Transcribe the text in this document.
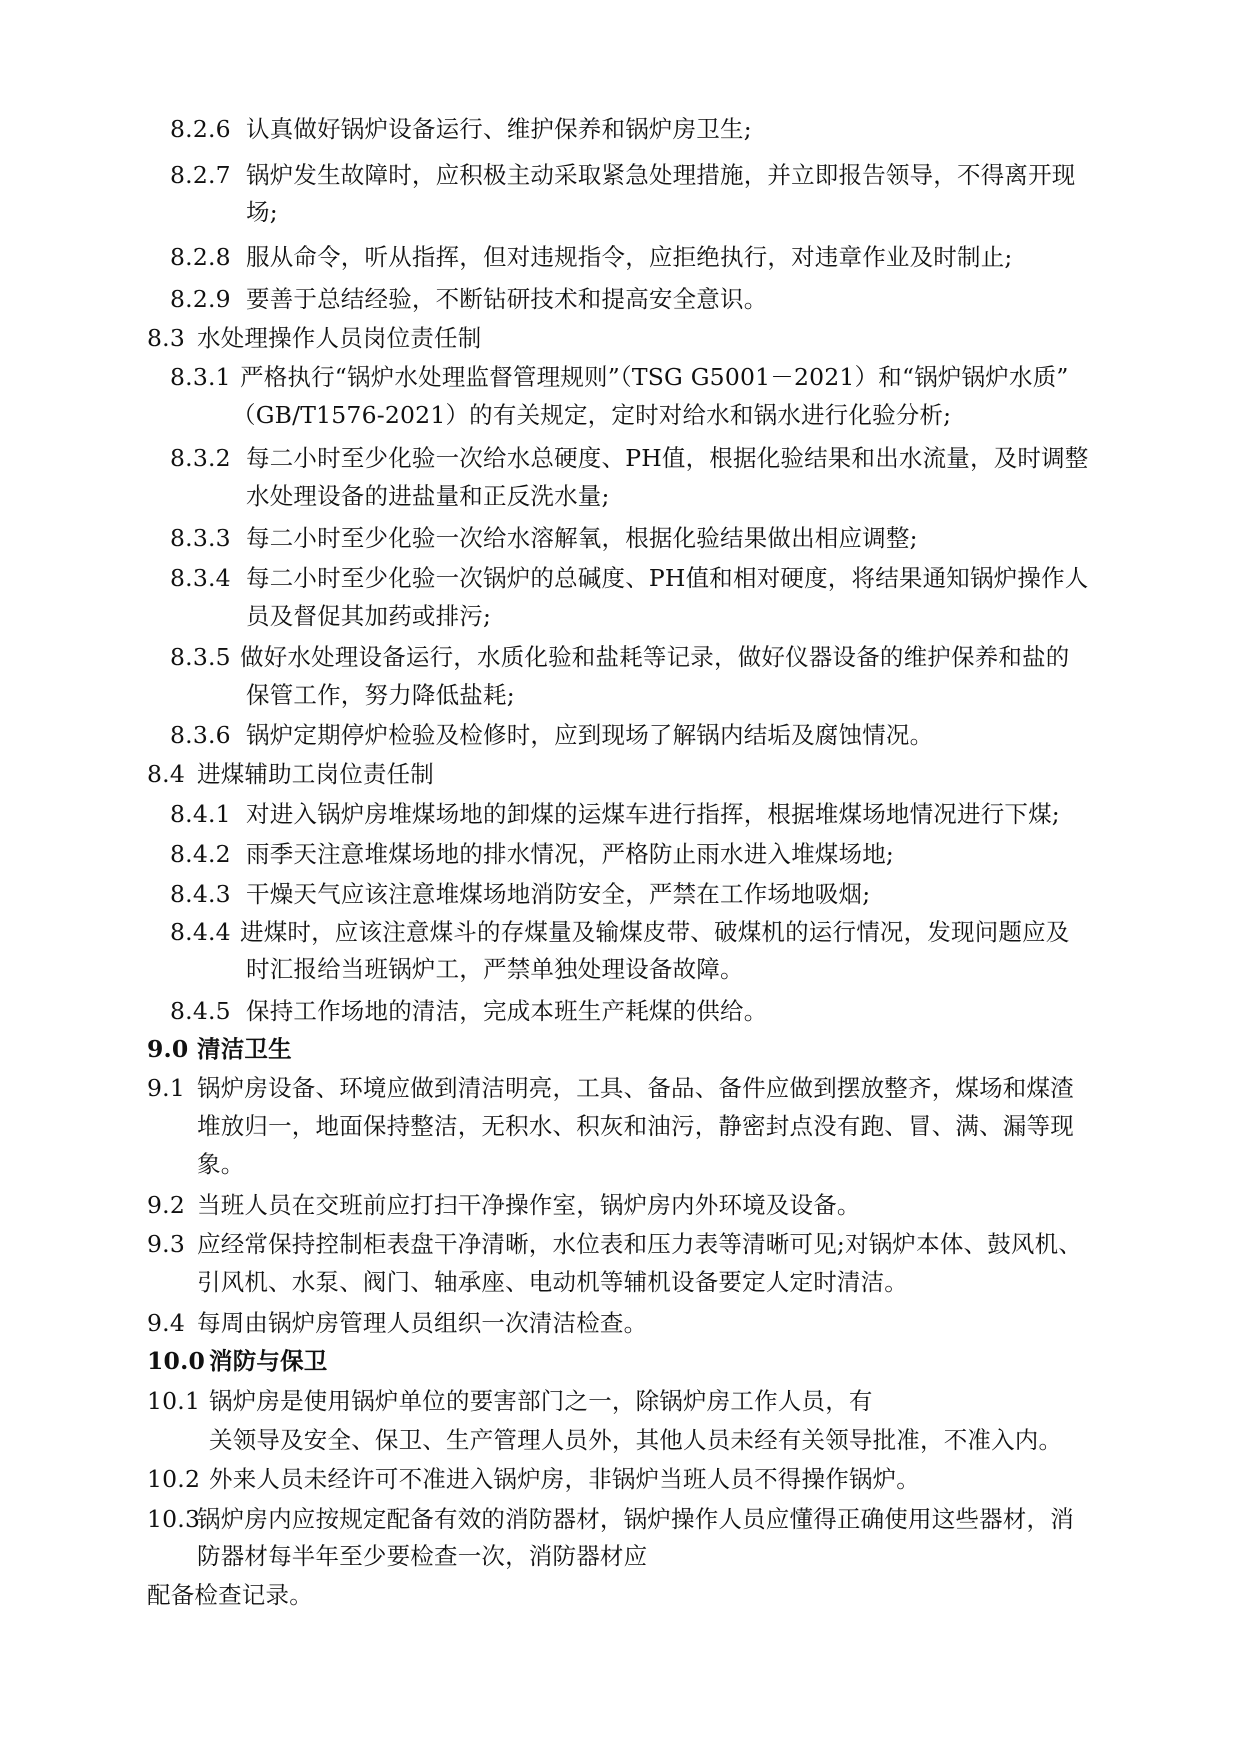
8.2.6 认真做好锅炉设备运行、维护保养和锅炉房卫生;
8.2.7 锅炉发生故障时，应积极主动采取紧急处理措施，并立即报告领导，不得离开现
场;
8.2.8 服从命令，听从指挥，但对违规指令，应拒绝执行，对违章作业及时制止;
8.2.9 要善于总结经验，不断钻研技术和提高安全意识。
8.3 水处理操作人员岗位责任制
8.3.1 严格执行“锅炉水处理监督管理规则”（TSG G5001－2021）和“锅炉锅炉水质”
（GB/T1576-2021）的有关规定，定时对给水和锅水进行化验分析;
8.3.2 每二小时至少化验一次给水总硬度、PH值，根据化验结果和出水流量，及时调整
水处理设备的进盐量和正反洗水量;
8.3.3 每二小时至少化验一次给水溶解氧，根据化验结果做出相应调整;
8.3.4 每二小时至少化验一次锅炉的总碱度、PH值和相对硬度，将结果通知锅炉操作人
员及督促其加药或排污;
8.3.5 做好水处理设备运行，水质化验和盐耗等记录，做好仪器设备的维护保养和盐的
保管工作，努力降低盐耗;
8.3.6 锅炉定期停炉检验及检修时，应到现场了解锅内结垢及腐蚀情况。
8.4 进煤辅助工岗位责任制
8.4.1 对进入锅炉房堆煤场地的卸煤的运煤车进行指挥，根据堆煤场地情况进行下煤;
8.4.2 雨季天注意堆煤场地的排水情况，严格防止雨水进入堆煤场地;
8.4.3 干燥天气应该注意堆煤场地消防安全，严禁在工作场地吸烟;
8.4.4 进煤时，应该注意煤斗的存煤量及输煤皮带、破煤机的运行情况，发现问题应及
时汇报给当班锅炉工，严禁单独处理设备故障。
8.4.5 保持工作场地的清洁，完成本班生产耗煤的供给。
9.0 清洁卫生
9.1 锅炉房设备、环境应做到清洁明亮，工具、备品、备件应做到摆放整齐，煤场和煤渣
堆放归一，地面保持整洁，无积水、积灰和油污，静密封点没有跑、冒、满、漏等现
象。
9.2 当班人员在交班前应打扫干净操作室，锅炉房内外环境及设备。
9.3 应经常保持控制柜表盘干净清晰，水位表和压力表等清晰可见;对锅炉本体、鼓风机、
引风机、水泵、阀门、轴承座、电动机等辅机设备要定人定时清洁。
9.4 每周由锅炉房管理人员组织一次清洁检查。
10.0 消防与保卫
10.1 锅炉房是使用锅炉单位的要害部门之一，除锅炉房工作人员，有
关领导及安全、保卫、生产管理人员外，其他人员未经有关领导批准，不准入内。
10.2 外来人员未经许可不准进入锅炉房，非锅炉当班人员不得操作锅炉。
10.3锅炉房内应按规定配备有效的消防器材，锅炉操作人员应懂得正确使用这些器材，消
防器材每半年至少要检查一次，消防器材应
配备检查记录。
